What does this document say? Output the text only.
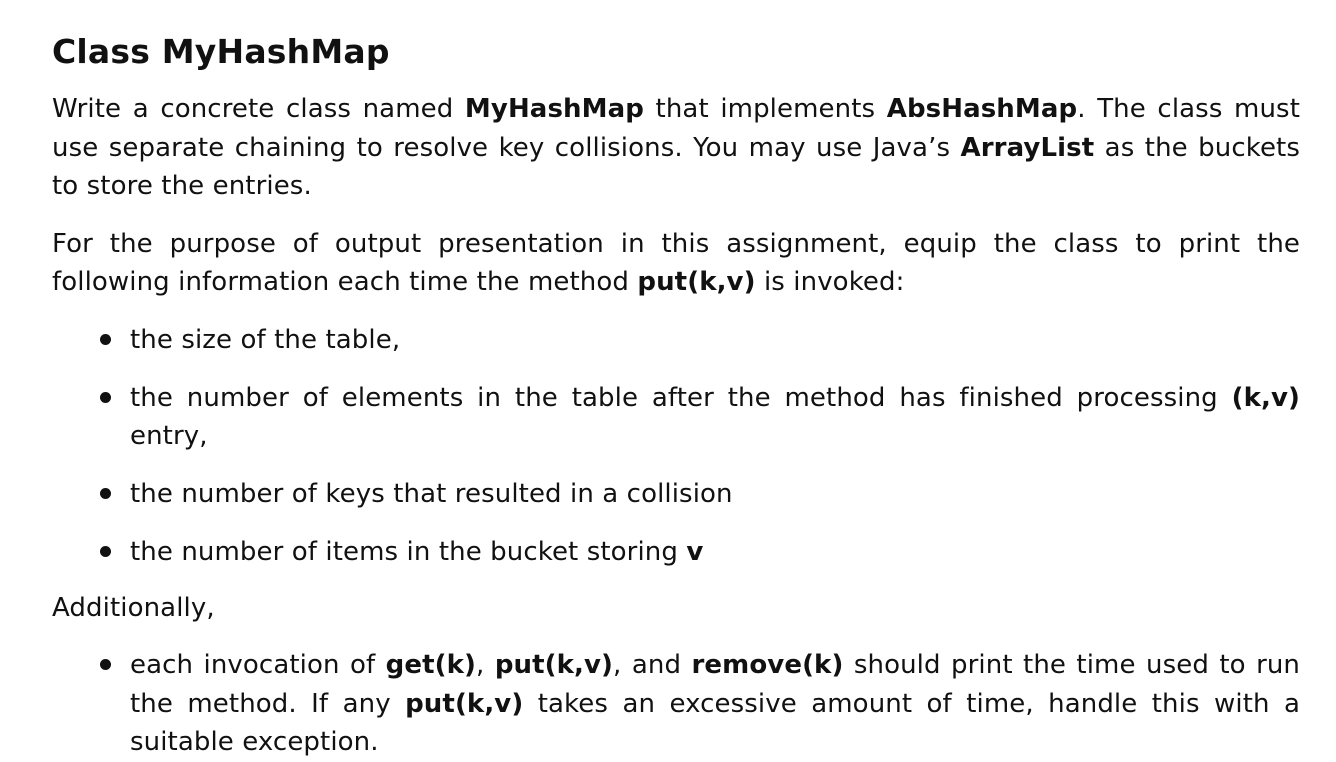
Class MyHashMap

Write a concrete class named MyHashMap that implements AbsHashMap. The class must use separate chaining to resolve key collisions. You may use Java’s ArrayList as the buckets to store the entries.

For the purpose of output presentation in this assignment, equip the class to print the following information each time the method put(k,v) is invoked:

the size of the table,
the number of elements in the table after the method has finished processing (k,v) entry,
the number of keys that resulted in a collision
the number of items in the bucket storing v

Additionally,

each invocation of get(k), put(k,v), and remove(k) should print the time used to run the method. If any put(k,v) takes an excessive amount of time, handle this with a suitable exception.
